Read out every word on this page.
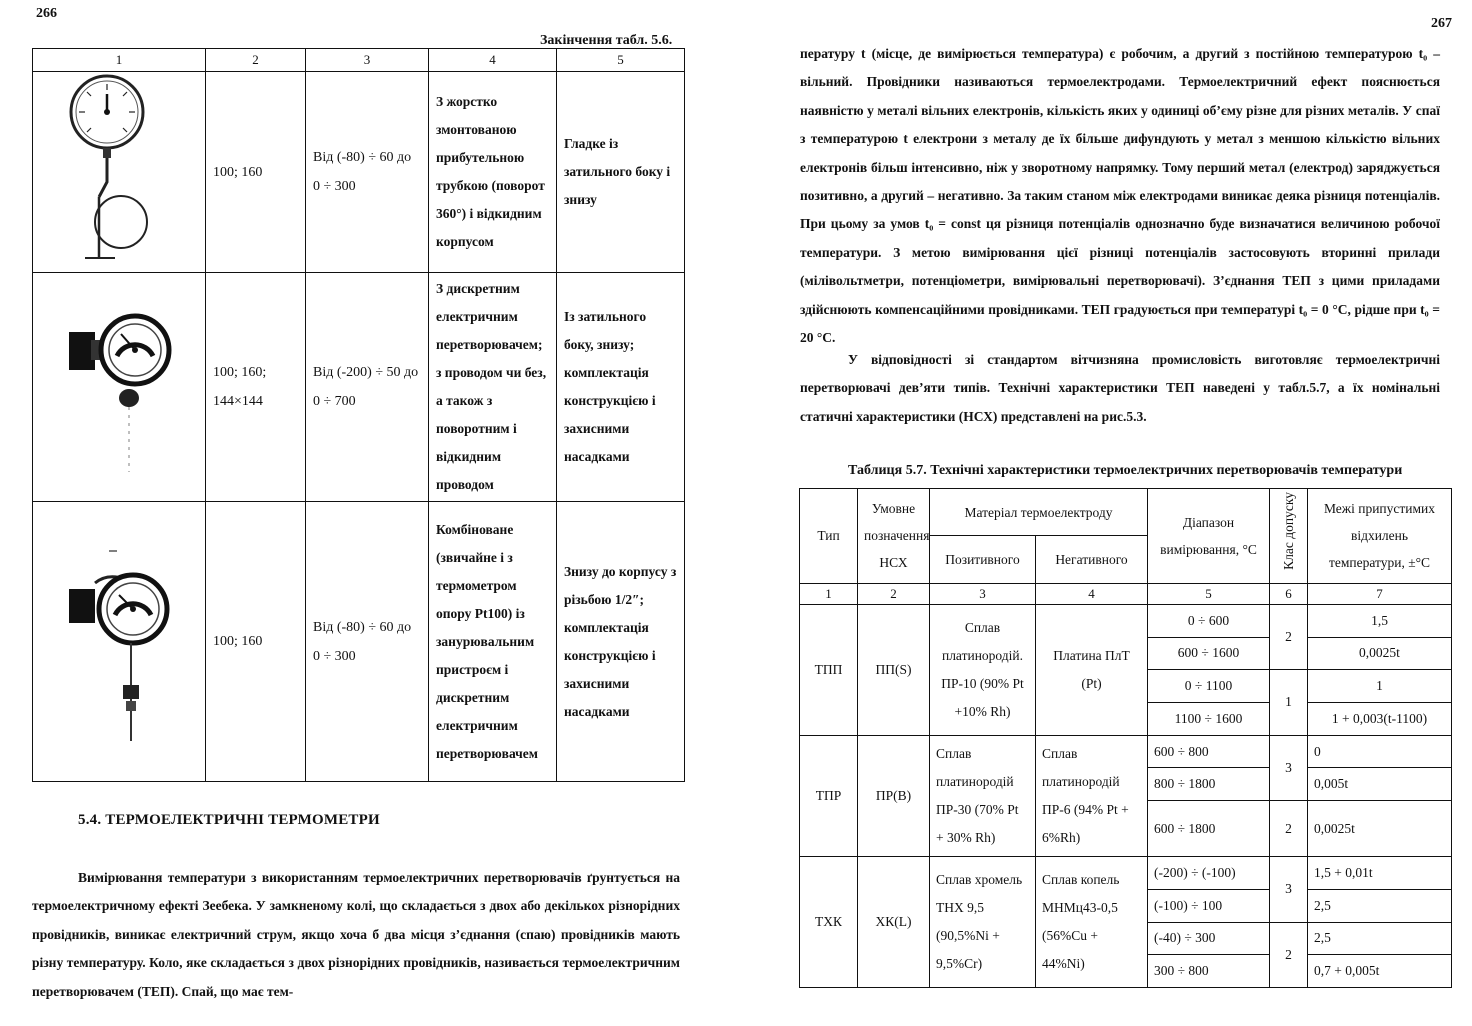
266
Закінчення табл. 5.6.
1	2	3	4	5
	100; 160	Від (-80) ÷ 60 до 0 ÷ 300	З жорстко змонтованою прибутельною трубкою (поворот 360°) і відкидним корпусом	Гладке із затильного боку і знизу
	100; 160; 144×144	Від (-200) ÷ 50 до 0 ÷ 700	З дискретним електричним перетворювачем; з проводом чи без, а також з поворотним і відкидним проводом	Із затильного боку, знизу; комплектація конструкцією і захисними насадками
	100; 160	Від (-80) ÷ 60 до 0 ÷ 300	Комбіноване (звичайне і з термометром опору Pt100) із занурювальним пристроєм і дискретним електричним перетворювачем	Знизу до корпусу з різьбою 1/2″; комплектація конструкцією і захисними насадками
5.4. ТЕРМОЕЛЕКТРИЧНІ ТЕРМОМЕТРИ
Вимірювання температури з використанням термоелектричних перетворювачів ґрунтується на термоелектричному ефекті Зеебека. У замкненому колі, що складається з двох або декількох різнорідних провідників, виникає електричний струм, якщо хоча б два місця з’єднання (спаю) провідників мають різну температуру. Коло, яке складається з двох різнорідних провідників, називається термоелектричним перетворювачем (ТЕП). Спай, що має тем-
267
пературу t (місце, де вимірюється температура) є робочим, а другий з постійною температурою t₀ – вільний. Провідники називаються термоелектродами. Термоелектричний ефект пояснюється наявністю у металі вільних електронів, кількість яких у одиниці об’єму різне для різних металів. У спаї з температурою t електрони з металу де їх більше дифундують у метал з меншою кількістю вільних електронів більш інтенсивно, ніж у зворотному напрямку. Тому перший метал (електрод) заряджується позитивно, а другий – негативно. За таким станом між електродами виникає деяка різниця потенціалів. При цьому за умов t₀ = const ця різниця потенціалів однозначно буде визначатися величиною робочої температури. З метою вимірювання цієї різниці потенціалів застосовують вторинні прилади (мілівольтметри, потенціометри, вимірювальні перетворювачі). З’єднання ТЕП з цими приладами здійснюють компенсаційними провідниками. ТЕП градуюється при температурі t₀ = 0 °C, рідше при t₀ = 20 °C.
У відповідності зі стандартом вітчизняна промисловість виготовляє термоелектричні перетворювачі дев’яти типів. Технічні характеристики ТЕП наведені у табл.5.7, а їх номінальні статичні характеристики (НСХ) представлені на рис.5.3.
Таблиця 5.7. Технічні характеристики термоелектричних перетворювачів температури
Тип	Умовне позначення НСХ	Матеріал термоелектроду		Діапазон вимірювання, °С	Клас допуску	Межі припустимих відхилень температури, ±°С
		Позитивного	Негативного			
1	2	3	4	5	6	7
ТПП	ПП(S)	Сплав платинородій. ПР-10 (90% Pt +10% Rh)	Платина ПлТ (Pt)	0 ÷ 600	2	1,5
				600 ÷ 1600		0,0025t
				0 ÷ 1100	1	1
				1100 ÷ 1600		1 + 0,003(t-1100)
ТПР	ПР(В)	Сплав платинородій ПР-30 (70% Pt + 30% Rh)	Сплав платинородій ПР-6 (94% Pt + 6%Rh)	600 ÷ 800	3	0
				800 ÷ 1800		0,005t
				600 ÷ 1800	2	0,0025t
ТХК	ХК(L)	Сплав хромель ТНХ 9,5 (90,5%Ni + 9,5%Cr)	Сплав копель МНМц43-0,5 (56%Cu + 44%Ni)	(-200) ÷ (-100)	3	1,5 + 0,01t
				(-100) ÷ 100		2,5
				(-40) ÷ 300	2	2,5
				300 ÷ 800		0,7 + 0,005t
